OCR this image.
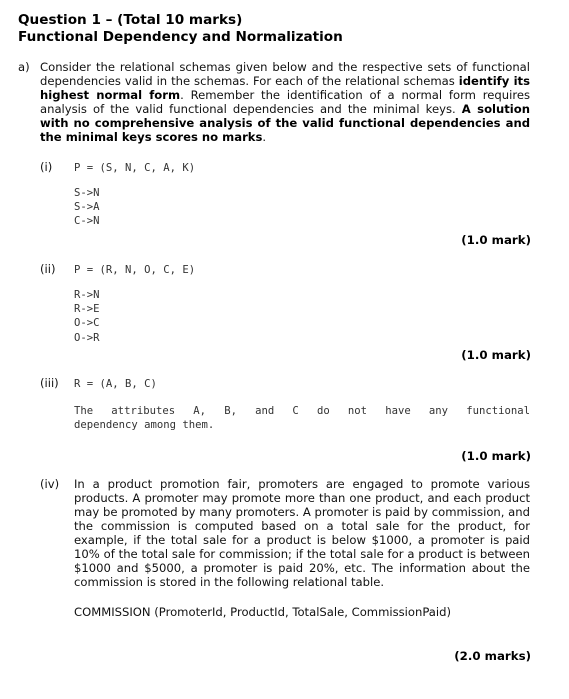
Question 1 – (Total 10 marks)
Functional Dependency and Normalization
a) Consider the relational schemas given below and the respective sets of functional dependencies valid in the schemas. For each of the relational schemas identify its highest normal form. Remember the identification of a normal form requires analysis of the valid functional dependencies and the minimal keys. A solution with no comprehensive analysis of the valid functional dependencies and the minimal keys scores no marks.
(i) P = (S, N, C, A, K)
S->N
S->A
C->N
(1.0 mark)
(ii) P = (R, N, O, C, E)
R->N
R->E
O->C
O->R
(1.0 mark)
(iii) R = (A, B, C)
The attributes A, B, and C do not have any functional
dependency among them.
(1.0 mark)
(iv) In a product promotion fair, promoters are engaged to promote various products. A promoter may promote more than one product, and each product may be promoted by many promoters. A promoter is paid by commission, and the commission is computed based on a total sale for the product, for example, if the total sale for a product is below $1000, a promoter is paid 10% of the total sale for commission; if the total sale for a product is between $1000 and $5000, a promoter is paid 20%, etc. The information about the commission is stored in the following relational table.
COMMISSION (PromoterId, ProductId, TotalSale, CommissionPaid)
(2.0 marks)
